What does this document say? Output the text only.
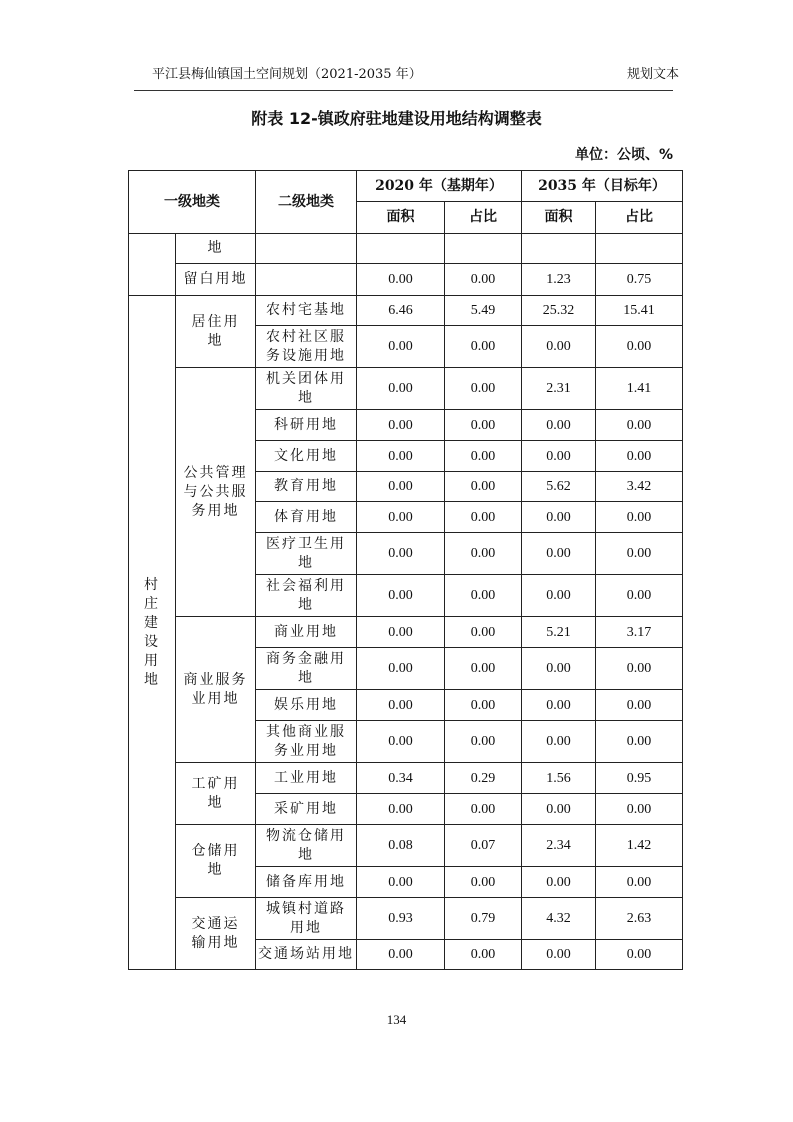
平江县梅仙镇国土空间规划（2021-2035 年）	规划文本
附表 12-镇政府驻地建设用地结构调整表
单位：公顷、%
一级地类		二级地类	2020 年（基期年）		2035 年（目标年）	
			面积	占比	面积	占比
	地					
	留白用地		0.00	0.00	1.23	0.75
村庄建设用地	居住用地	农村宅基地	6.46	5.49	25.32	15.41
		农村社区服务设施用地	0.00	0.00	0.00	0.00
	公共管理与公共服务用地	机关团体用地	0.00	0.00	2.31	1.41
		科研用地	0.00	0.00	0.00	0.00
		文化用地	0.00	0.00	0.00	0.00
		教育用地	0.00	0.00	5.62	3.42
		体育用地	0.00	0.00	0.00	0.00
		医疗卫生用地	0.00	0.00	0.00	0.00
		社会福利用地	0.00	0.00	0.00	0.00
	商业服务业用地	商业用地	0.00	0.00	5.21	3.17
		商务金融用地	0.00	0.00	0.00	0.00
		娱乐用地	0.00	0.00	0.00	0.00
		其他商业服务业用地	0.00	0.00	0.00	0.00
	工矿用地	工业用地	0.34	0.29	1.56	0.95
		采矿用地	0.00	0.00	0.00	0.00
	仓储用地	物流仓储用地	0.08	0.07	2.34	1.42
		储备库用地	0.00	0.00	0.00	0.00
	交通运输用地	城镇村道路用地	0.93	0.79	4.32	2.63
		交通场站用地	0.00	0.00	0.00	0.00
134
